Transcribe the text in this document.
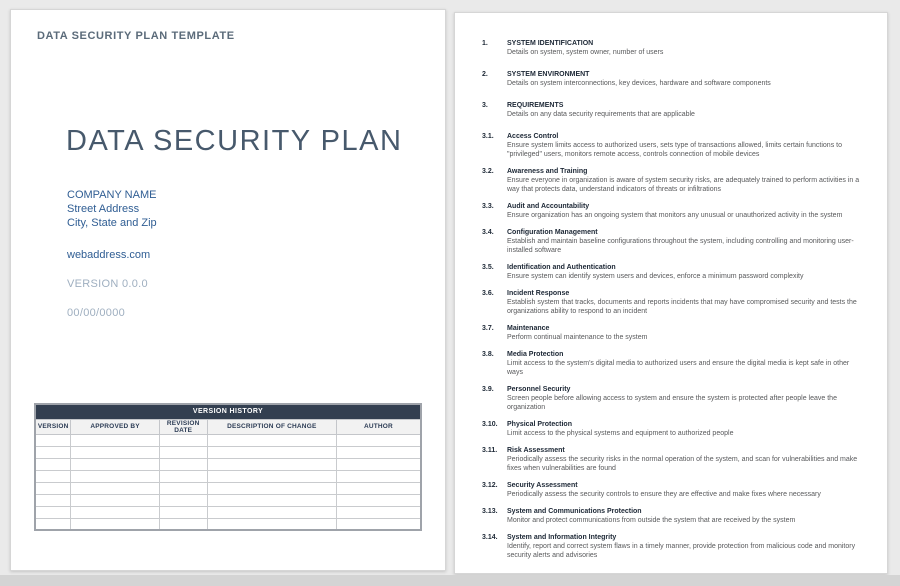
DATA SECURITY PLAN TEMPLATE
DATA SECURITY PLAN
COMPANY NAME
Street Address
City, State and Zip
webaddress.com
VERSION 0.0.0
00/00/0000
VERSION HISTORY				
VERSION	APPROVED BY	REVISION DATE	DESCRIPTION OF CHANGE	AUTHOR

1.	SYSTEM IDENTIFICATION
Details on system, system owner, number of users
2.	SYSTEM ENVIRONMENT
Details on system interconnections, key devices, hardware and software components
3.	REQUIREMENTS
Details on any data security requirements that are applicable
3.1.	Access Control
Ensure system limits access to authorized users, sets type of transactions allowed, limits certain functions to "privileged" users, monitors remote access, controls connection of mobile devices
3.2.	Awareness and Training
Ensure everyone in organization is aware of system security risks, are adequately trained to perform activities in a way that protects data, understand indicators of threats or infiltrations
3.3.	Audit and Accountability
Ensure organization has an ongoing system that monitors any unusual or unauthorized activity in the system
3.4.	Configuration Management
Establish and maintain baseline configurations throughout the system, including controlling and monitoring user-installed software
3.5.	Identification and Authentication
Ensure system can identify system users and devices, enforce a minimum password complexity
3.6.	Incident Response
Establish system that tracks, documents and reports incidents that may have compromised security and tests the organizations ability to respond to an incident
3.7.	Maintenance
Perform continual maintenance to the system
3.8.	Media Protection
Limit access to the system's digital media to authorized users and ensure the digital media is kept safe in other ways
3.9.	Personnel Security
Screen people before allowing access to system and ensure the system is protected after people leave the organization
3.10.	Physical Protection
Limit access to the physical systems and equipment to authorized people
3.11.	Risk Assessment
Periodically assess the security risks in the normal operation of the system, and scan for vulnerabilities and make fixes when vulnerabilities are found
3.12.	Security Assessment
Periodically assess the security controls to ensure they are effective and make fixes where necessary
3.13.	System and Communications Protection
Monitor and protect communications from outside the system that are received by the system
3.14.	System and Information Integrity
Identify, report and correct system flaws in a timely manner, provide protection from malicious code and monitory security alerts and advisories
